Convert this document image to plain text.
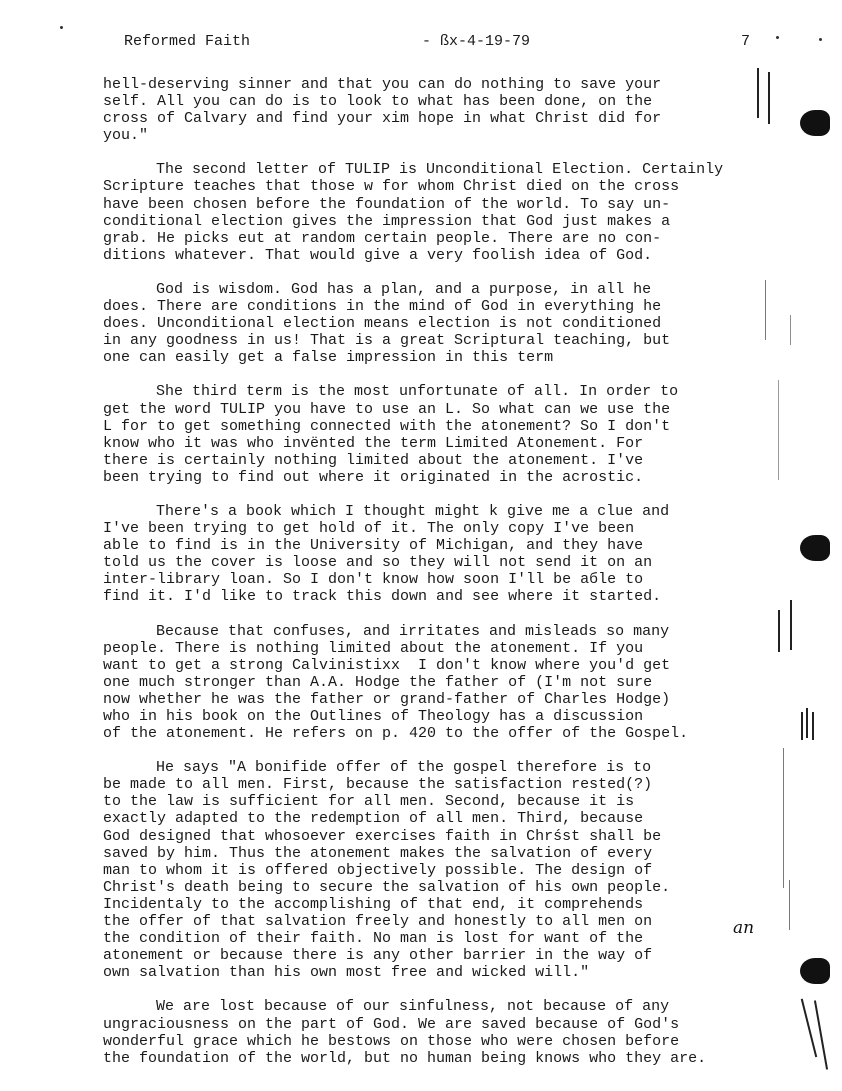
Reformed Faith	- ßx-4-19-79	7
hell-deserving sinner and that you can do nothing to save your
self. All you can do is to look to what has been done, on the
cross of Calvary and find your xim hope in what Christ did for
you."
The second letter of TULIP is Unconditional Election. Certainly
Scripture teaches that those w for whom Christ died on the cross
have been chosen before the foundation of the world. To say un-
conditional election gives the impression that God just makes a
grab. He picks eut at random certain people. There are no con-
ditions whatever. That would give a very foolish idea of God.
God is wisdom. God has a plan, and a purpose, in all he
does. There are conditions in the mind of God in everything he
does. Unconditional election means election is not conditioned
in any goodness in us! That is a great Scriptural teaching, but
one can easily get a false impression in this term
She third term is the most unfortunate of all. In order to
get the word TULIP you have to use an L. So what can we use the
L for to get something connected with the atonement? So I don't
know who it was who invënted the term Limited Atonement. For
there is certainly nothing limited about the atonement. I've
been trying to find out where it originated in the acrostic.
There's a book which I thought might k give me a clue and
I've been trying to get hold of it. The only copy I've been
able to find is in the University of Michigan, and they have
told us the cover is loose and so they will not send it on an
inter-library loan. So I don't know how soon I'll be aбle to
find it. I'd like to track this down and see where it started.
Because that confuses, and irritates and misleads so many
people. There is nothing limited about the atonement. If you
want to get a strong Calvinistixx  I don't know where you'd get
one much stronger than A.A. Hodge the father of (I'm not sure
now whether he was the father or grand-father of Charles Hodge)
who in his book on the Outlines of Theology has a discussion
of the atonement. He refers on p. 420 to the offer of the Gospel.
He says "A bonifide offer of the gospel therefore is to
be made to all men. First, because the satisfaction rested(?)
to the law is sufficient for all men. Second, because it is
exactly adapted to the redemption of all men. Third, because
God designed that whosoever exercises faith in Chrśst shall be
saved by him. Thus the atonement makes the salvation of every
man to whom it is offered objectively possible. The design of
Christ's death being to secure the salvation of his own people.
Incidentaly to the accomplishing of that end, it comprehends
the offer of that salvation freely and honestly to all men on
the condition of their faith. No man is lost for want of the
atonement or because there is any other barrier in the way of
own salvation than his own most free and wicked will."
We are lost because of our sinfulness, not because of any
ungraciousness on the part of God. We are saved because of God's
wonderful grace which he bestows on those who were chosen before
the foundation of the world, but no human being knows who they are.
an
